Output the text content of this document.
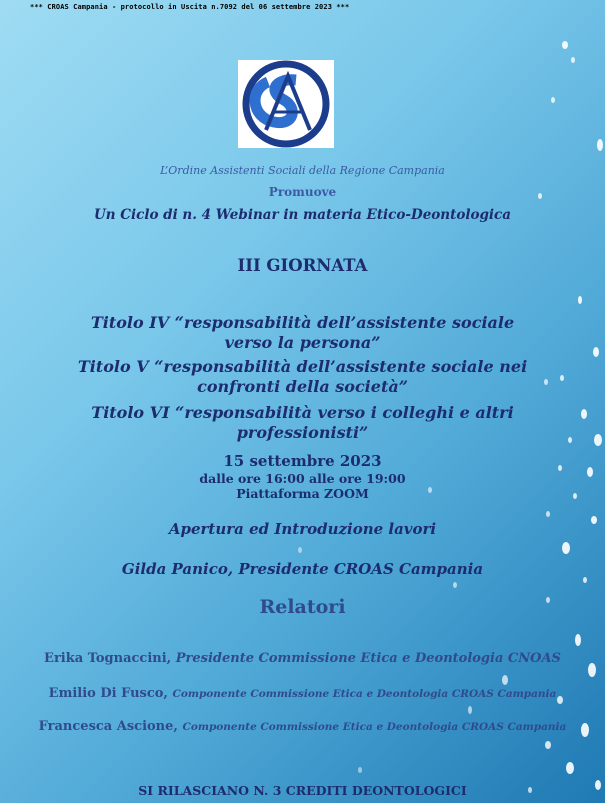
*** CROAS Campania - protocollo in Uscita n.7092 del 06 settembre 2023 ***
L’Ordine Assistenti Sociali della Regione Campania
Promuove
Un Ciclo di n. 4 Webinar in materia Etico-Deontologica
III GIORNATA
Titolo IV “responsabilità dell’assistente sociale
verso la persona”
Titolo V “responsabilità dell’assistente sociale nei
confronti della società”
Titolo VI “responsabilità verso i colleghi e altri
professionisti”
15 settembre 2023
dalle ore 16:00 alle ore 19:00
Piattaforma ZOOM
Apertura ed Introduzione lavori
Gilda Panico, Presidente CROAS Campania
Relatori
Erika Tognaccini, Presidente Commissione Etica e Deontologia CNOAS
Emilio Di Fusco, Componente Commissione Etica e Deontologia CROAS Campania
Francesca Ascione, Componente Commissione Etica e Deontologia CROAS Campania
SI RILASCIANO N. 3 CREDITI DEONTOLOGICI
